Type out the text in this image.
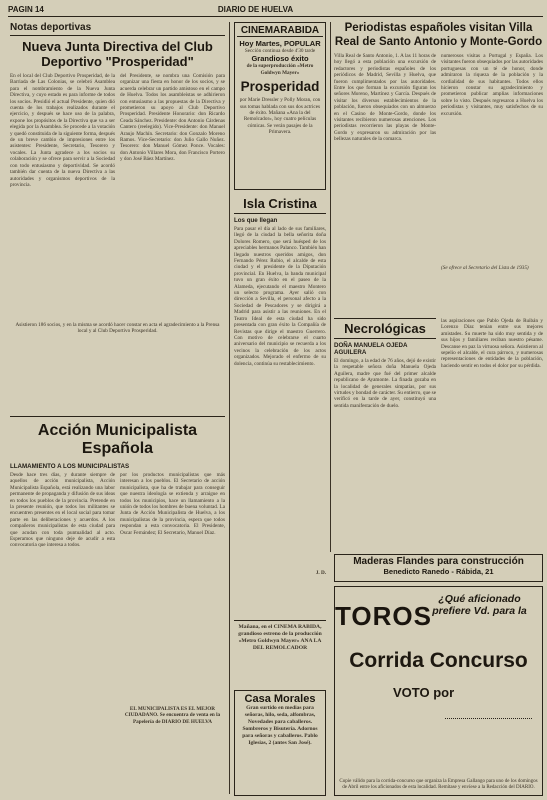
PAGIN 14	DIARIO DE HUELVA
Notas deportivas
Nueva Junta Directiva del Club Deportivo "Prosperidad"

En el local del Club Deportivo Prosperidad, de la Barriada de Las Colonias, se celebró Asamblea para el nombramiento de la Nueva Junta Directiva, y cuyo estado es para informe de todos los socios. Presidió el actual Presidente, quien dió cuenta de los trabajos realizados durante el ejercicio, y después se hace uso de la palabra, expone los propósitos de la Directiva que va a ser elegida por la Asamblea. Se procede a la votación y quedó constituida de la siguiente forma, después de un breve cambio de impresiones entre los asistentes: Presidente, Secretario, Tesorero y vocales. La Junta agradece a los socios su colaboración y se ofrece para servir a la Sociedad con todo entusiasmo y deportividad. Se acordó también dar cuenta de la nueva Directiva a las autoridades y organismos deportivos de la provincia.

del Presidente, se nombra una Comisión para organizar una fiesta en honor de los socios, y se acuerda celebrar un partido amistoso en el campo de Huelva. Todos los asambleístas se adhirieron con entusiasmo a las propuestas de la Directiva y prometieron su apoyo al Club Deportivo Prosperidad. Presidente Honorario: don Ricardo Ceada Sánchez. Presidente: don Antonio Cárdenas Cantero (reelegido). Vice-Presidente: don Manuel Araujo Machín. Secretario: don Gonzalo Moreno Ramos. Vice-Secretario: don Julio Gallo Nuñez. Tesorero: don Manuel Gómez Ponce. Vocales: don Antonio Villares Mora, don Francisco Portero y don José Báez Martínez.

Asistieron 186 socios, y en la misma se acordó hacer constar en acta el agradecimiento a la Prensa local y al Club Deportivo Prosperidad.

Acción Municipalista Española
LLAMAMIENTO A LOS MUNICIPALISTAS

Desde hace tres días, y durante siempre de aquellos de acción municipalista, Acción Municipalista Española, está realizando una labor permanente de propaganda y difusión de sus ideas en todos los pueblos de la provincia. Pretende en la presente reunión, que todos los militantes se encuentren presentes en el local social para tomar parte en las deliberaciones y acuerdos. A los compañeros municipalistas de esta ciudad para que acudan con toda puntualidad al acto. Esperamos que ninguno deje de acudir a esta convocatoria que interesa a todos.

por los productos municipalistas que más interesan a los pueblos. El Secretario de acción municipalista, que ha de trabajar para conseguir que nuestra ideología se extienda y arraigue en todos los municipios, hace un llamamiento a la unión de todos los hombres de buena voluntad. La Junta de Acción Municipalista de Huelva, a los municipalistas de la provincia, espera que todos respondan a esta convocatoria. El Presidente, Oscar Fernández; El Secretario, Manuel Díaz.

EL MUNICIPALISTA ES EL MEJOR CIUDADANO. Se encuentra de venta en la Papelería de DIARIO DE HUELVA

CINEMARABIDA
Hoy Martes, POPULAR
Sección continua desde 4'30 tarde
Grandioso éxito
de la superproducción «Metro Goldwyn Mayer»
Prosperidad

por Marie Dressler y Polly Moran, con sus tomas hablada con sus dos actrices de éxito. Mañana «Ana la del Remolcador», hoy cuatro películas cómicas. Se verán pasajes de la Primavera.

Isla Cristina
Los que llegan

Para pasar el día al lado de sus familiares, llegó de la ciudad la bella señorita doña Dolores Romero, que será huésped de los apreciables hermanos Palanco. También han llegado nuestros queridos amigos, don Fernando Pérez Rubio, el alcalde de esta ciudad y el presidente de la Diputación provincial. En Huelva, la banda municipal tuvo un gran éxito en el paseo de la Alameda, ejecutando el maestro Montero un selecto programa. Ayer salió con dirección a Sevilla, el personal afecto a la Sociedad de Pescadores y se dirigirá a Madrid para asistir a las reuniones. En el Teatro Ideal de esta ciudad ha sido presentada con gran éxito la Compañía de Revistas que dirige el maestro Guerrero. Con motivo de celebrarse el cuarto aniversario del municipio se recuerda a los vecinos la celebración de los actos organizados. Mejorado el enfermo de su dolencia, continúa su restablecimiento.

J. D.

Mañana, en el CINEMA RABIDA, grandioso estreno de la producción «Metro Goldwyn Mayer» ANA LA DEL REMOLCADOR

Casa Morales

Gran surtido en medias para señoras, hilo, seda, alfombras, Novedades para caballeros. Sombreros y Bisutería. Adornos para señoras y caballeros. Pablo Iglesias, 2 (antes San José).

Periodistas españoles visitan Villa Real de Santo Antonio y Monte-Gordo

Villa Real de Santo Antonio, 1. A las 11 horas de hoy llegó a esta población una excursión de redactores y periodistas españoles de los periódicos de Madrid, Sevilla y Huelva, que fueron cumplimentados por las autoridades. Entre los que forman la excursión figuran los señores Moreno, Martínez y García. Después de visitar los diversos establecimientos de la población, fueron obsequiados con un almuerzo en el Casino de Monte-Gordo, donde los visitantes recibieron numerosas atenciones. Los periodistas recorrieron las playas de Monte-Gordo y expresaron su admiración por las bellezas naturales de la comarca.

numerosos visitas a Portugal y España. Los visitantes fueron obsequiados por las autoridades portuguesas con un té de honor, donde admiraron la riqueza de la población y la cordialidad de sus habitantes. Todos ellos hicieron constar su agradecimiento y prometieron publicar amplias informaciones sobre lo visto. Después regresaron a Huelva los periodistas y visitantes, muy satisfechos de su excursión.

(Se ofrece al Secretario del Lista de 1935)

Necrológicas
DOÑA MANUELA OJEDA AGUILERA

El domingo, a la edad de 76 años, dejó de existir la respetable señora doña Manuela Ojeda Aguilera, madre que fué del primer alcalde republicano de Ayamonte. La finada gozaba en la localidad de generales simpatías, por sus virtudes y bondad de carácter. Su entierro, que se verificó en la tarde de ayer, constituyó una sentida manifestación de duelo.

las aspiraciones que Pablo Ojeda de Ruibán y Lorenzo Díaz tenían entre sus mejores amistades. Su muerte ha sido muy sentida y de sus hijos y familiares reciban nuestro pésame. Descanse en paz la virtuosa señora. Asistieron al sepelio el alcalde, el cura párroco, y numerosas representaciones de entidades de la población, haciendo sentir en todos el dolor por su pérdida.

Maderas Flandes para construcción
Benedicto Ranedo - Rábida, 21
TOROS
¿Qué aficionado
prefiere Vd. para la
Corrida Concurso
VOTO por

Copie válido para la corrida-concurso que organiza la Empresa Gallango para uno de los domingos de Abril entre los aficionados de esta localidad. Remítase y envíese a la Redacción del DIARIO.
